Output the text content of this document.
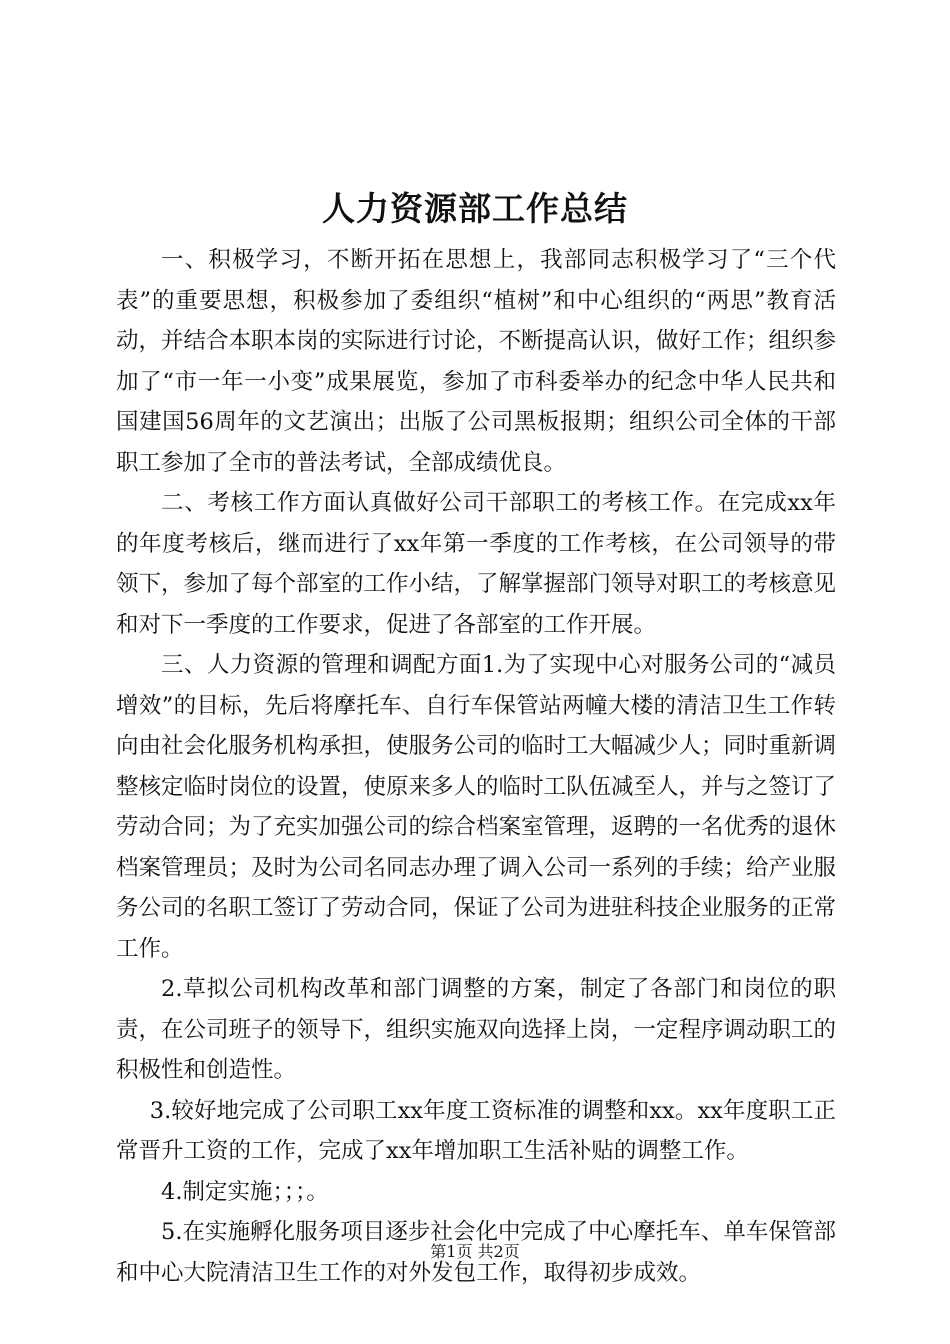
人力资源部工作总结

一、积极学习，不断开拓在思想上，我部同志积极学习了“三个代表”的重要思想，积极参加了委组织“植树”和中心组织的“两思”教育活动，并结合本职本岗的实际进行讨论，不断提高认识，做好工作；组织参加了“市一年一小变”成果展览，参加了市科委举办的纪念中华人民共和国建国56周年的文艺演出；出版了公司黑板报期；组织公司全体的干部职工参加了全市的普法考试，全部成绩优良。

二、考核工作方面认真做好公司干部职工的考核工作。在完成xx年的年度考核后，继而进行了xx年第一季度的工作考核，在公司领导的带领下，参加了每个部室的工作小结，了解掌握部门领导对职工的考核意见和对下一季度的工作要求，促进了各部室的工作开展。

三、人力资源的管理和调配方面1.为了实现中心对服务公司的“减员增效”的目标，先后将摩托车、自行车保管站两幢大楼的清洁卫生工作转向由社会化服务机构承担，使服务公司的临时工大幅减少人；同时重新调整核定临时岗位的设置，使原来多人的临时工队伍减至人，并与之签订了劳动合同；为了充实加强公司的综合档案室管理，返聘的一名优秀的退休档案管理员；及时为公司名同志办理了调入公司一系列的手续；给产业服务公司的名职工签订了劳动合同，保证了公司为进驻科技企业服务的正常工作。

2.草拟公司机构改革和部门调整的方案，制定了各部门和岗位的职责，在公司班子的领导下，组织实施双向选择上岗，一定程序调动职工的积极性和创造性。

3.较好地完成了公司职工xx年度工资标准的调整和xx。xx年度职工正常晋升工资的工作，完成了xx年增加职工生活补贴的调整工作。

4.制定实施；；；。

5.在实施孵化服务项目逐步社会化中完成了中心摩托车、单车保管部和中心大院清洁卫生工作的对外发包工作，取得初步成效。

第1页 共2页
